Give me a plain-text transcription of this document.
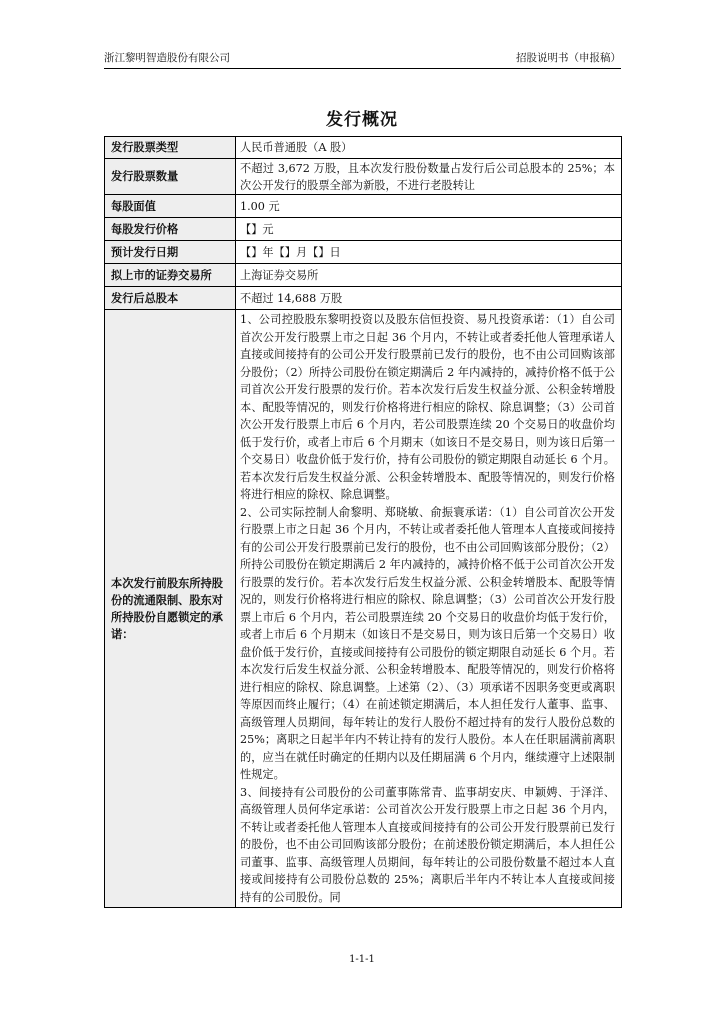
浙江黎明智造股份有限公司	招股说明书（申报稿）
发行概况
发行股票类型	人民币普通股（A 股）
发行股票数量	不超过 3,672 万股，且本次发行股份数量占发行后公司总股本的 25%；本次公开发行的股票全部为新股，不进行老股转让
每股面值	1.00 元
每股发行价格	【】元
预计发行日期	【】年【】月【】日
拟上市的证券交易所	上海证券交易所
发行后总股本	不超过 14,688 万股
本次发行前股东所持股份的流通限制、股东对所持股份自愿锁定的承诺：	1、公司控股股东黎明投资以及股东信恒投资、易凡投资承诺：（1）自公司首次公开发行股票上市之日起 36 个月内，不转让或者委托他人管理承诺人直接或间接持有的公司公开发行股票前已发行的股份，也不由公司回购该部分股份；（2）所持公司股份在锁定期满后 2 年内减持的，减持价格不低于公司首次公开发行股票的发行价。若本次发行后发生权益分派、公积金转增股本、配股等情况的，则发行价格将进行相应的除权、除息调整；（3）公司首次公开发行股票上市后 6 个月内，若公司股票连续 20 个交易日的收盘价均低于发行价，或者上市后 6 个月期末（如该日不是交易日，则为该日后第一个交易日）收盘价低于发行价，持有公司股份的锁定期限自动延长 6 个月。若本次发行后发生权益分派、公积金转增股本、配股等情况的，则发行价格将进行相应的除权、除息调整。

2、公司实际控制人俞黎明、郑晓敏、俞振寰承诺：（1）自公司首次公开发行股票上市之日起 36 个月内，不转让或者委托他人管理本人直接或间接持有的公司公开发行股票前已发行的股份，也不由公司回购该部分股份；（2）所持公司股份在锁定期满后 2 年内减持的，减持价格不低于公司首次公开发行股票的发行价。若本次发行后发生权益分派、公积金转增股本、配股等情况的，则发行价格将进行相应的除权、除息调整；（3）公司首次公开发行股票上市后 6 个月内，若公司股票连续 20 个交易日的收盘价均低于发行价，或者上市后 6 个月期末（如该日不是交易日，则为该日后第一个交易日）收盘价低于发行价，直接或间接持有公司股份的锁定期限自动延长 6 个月。若本次发行后发生权益分派、公积金转增股本、配股等情况的，则发行价格将进行相应的除权、除息调整。上述第（2）、（3）项承诺不因职务变更或离职等原因而终止履行；（4）在前述锁定期满后，本人担任发行人董事、监事、高级管理人员期间，每年转让的发行人股份不超过持有的发行人股份总数的 25%；离职之日起半年内不转让持有的发行人股份。本人在任职届满前离职的，应当在就任时确定的任期内以及任期届满 6 个月内，继续遵守上述限制性规定。

3、间接持有公司股份的公司董事陈常青、监事胡安庆、申颖娉、于泽洋、高级管理人员何华定承诺：公司首次公开发行股票上市之日起 36 个月内，不转让或者委托他人管理本人直接或间接持有的公司公开发行股票前已发行的股份，也不由公司回购该部分股份；在前述股份锁定期满后，本人担任公司董事、监事、高级管理人员期间，每年转让的公司股份数量不超过本人直接或间接持有公司股份总数的 25%；离职后半年内不转让本人直接或间接持有的公司股份。同

1-1-1
